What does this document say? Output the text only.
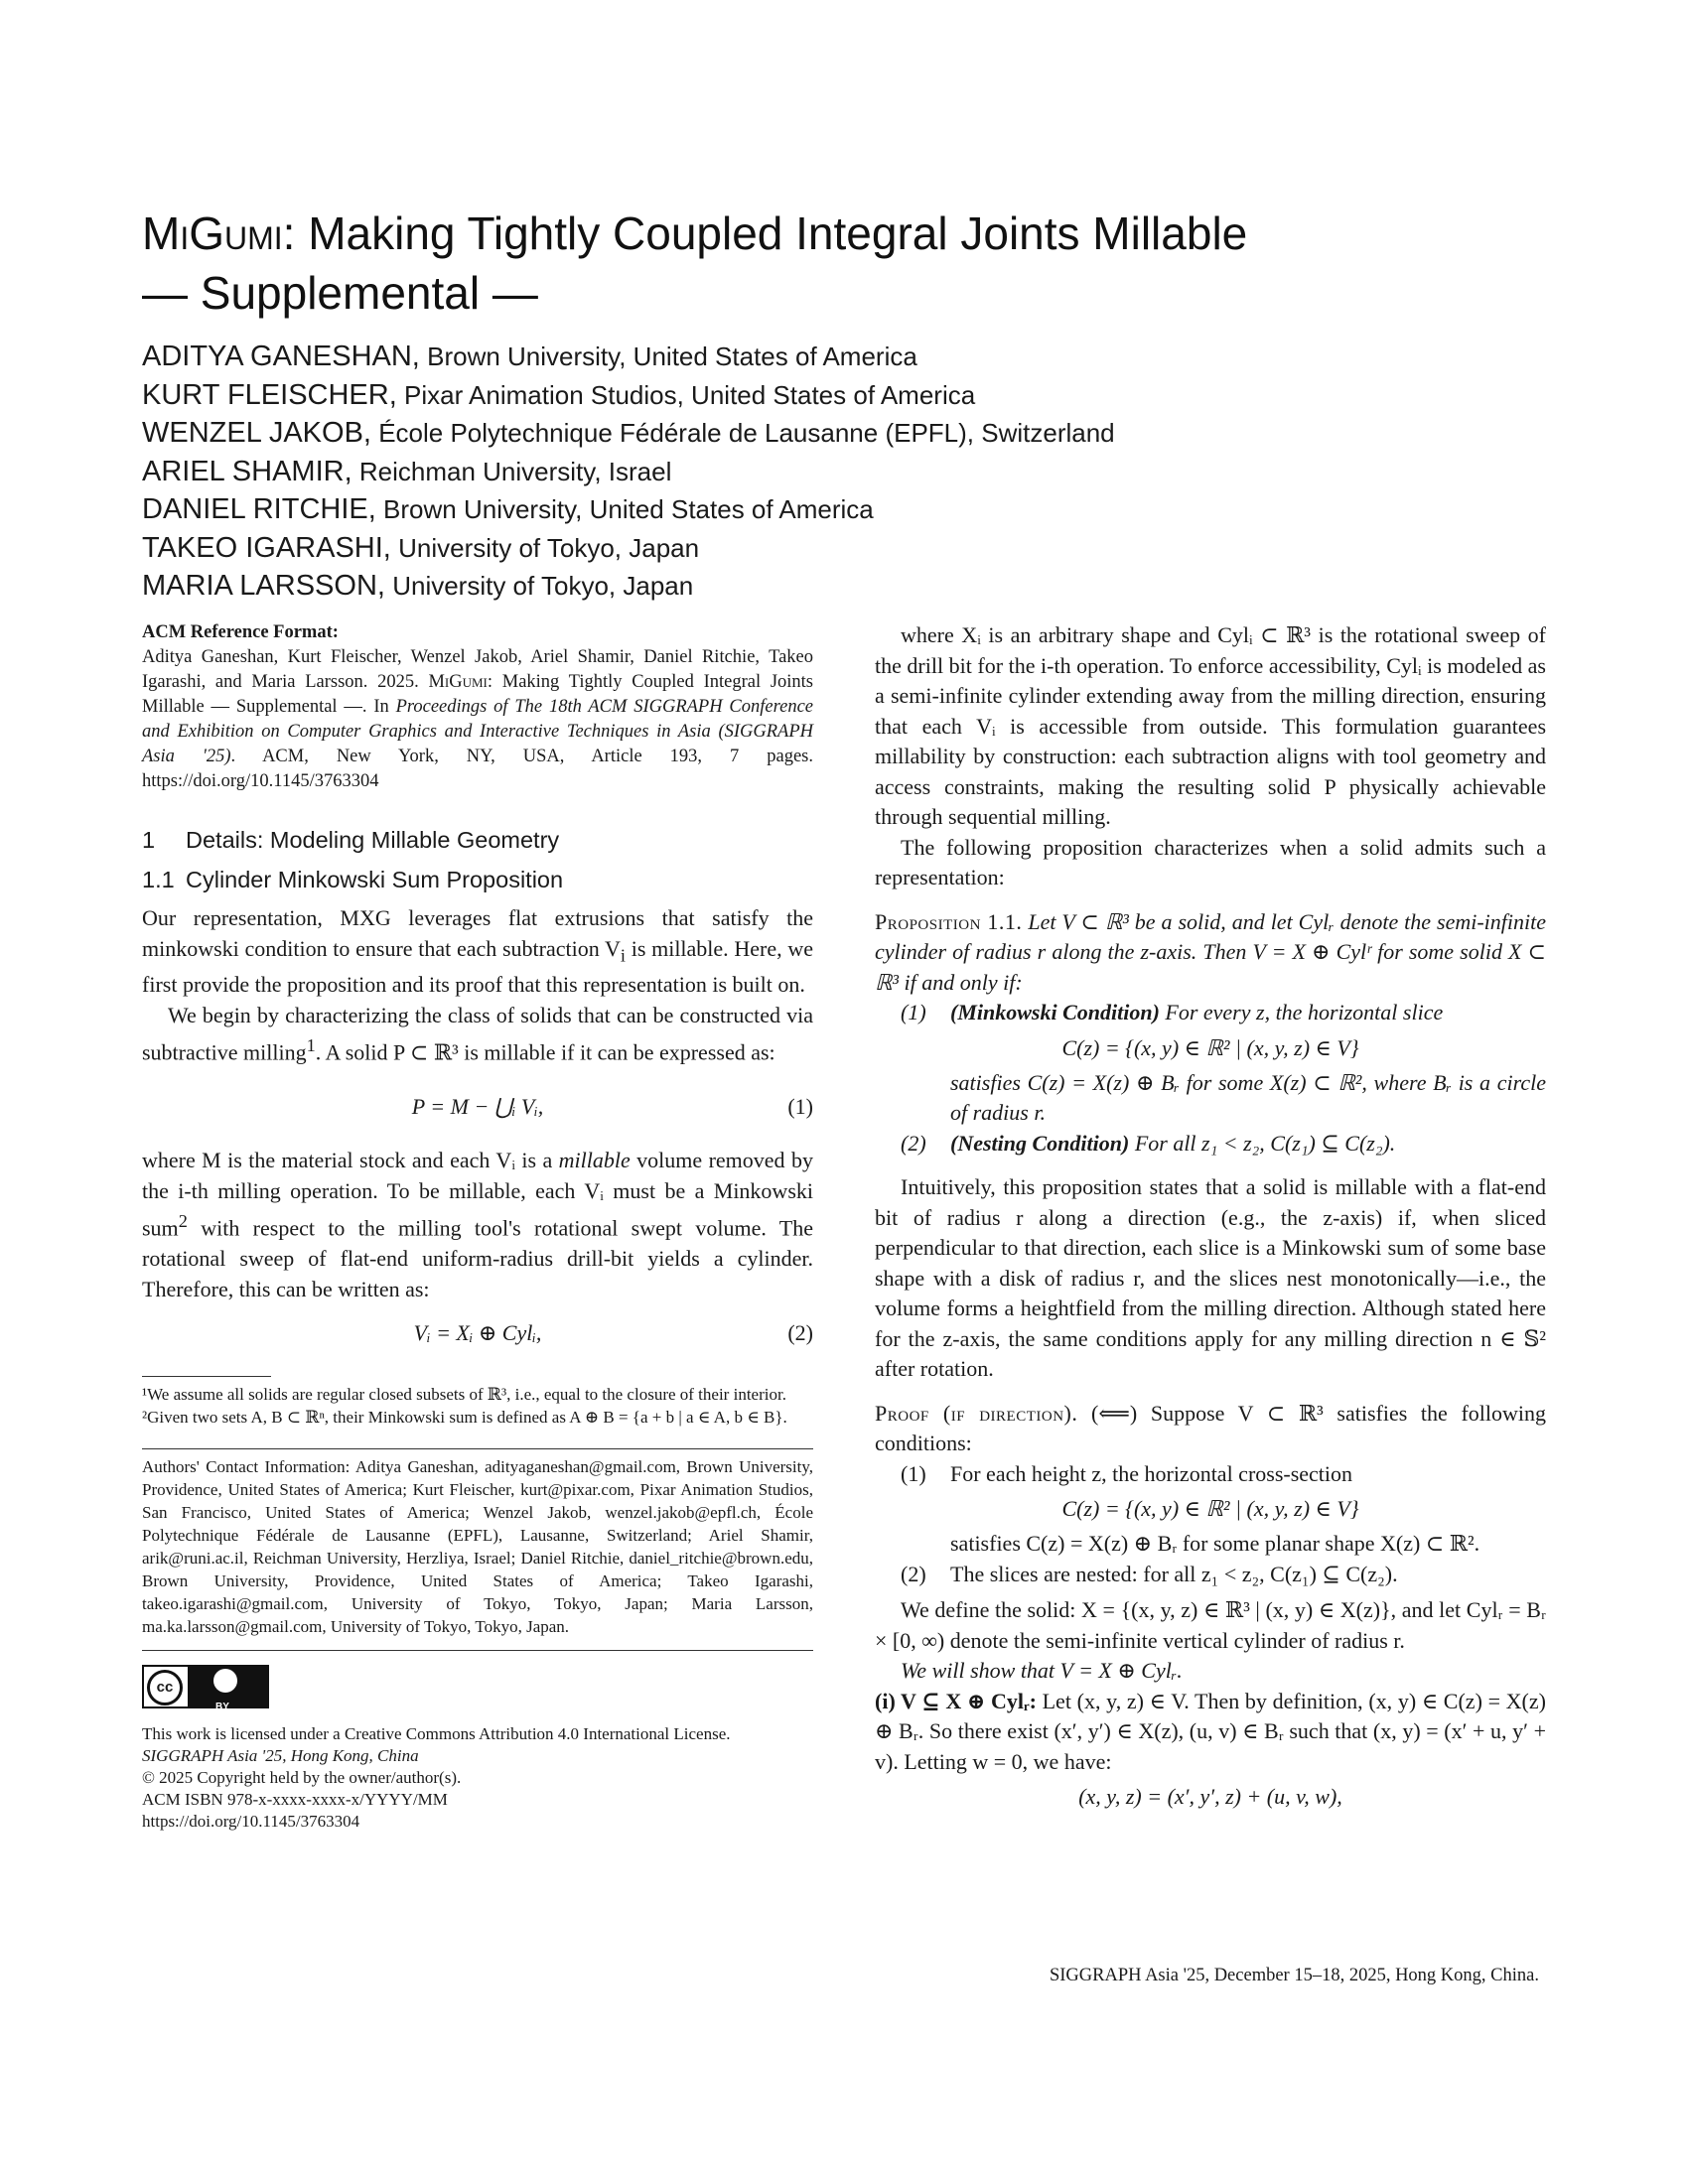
MiGumi: Making Tightly Coupled Integral Joints Millable
— Supplemental —
ADITYA GANESHAN, Brown University, United States of America
KURT FLEISCHER, Pixar Animation Studios, United States of America
WENZEL JAKOB, École Polytechnique Fédérale de Lausanne (EPFL), Switzerland
ARIEL SHAMIR, Reichman University, Israel
DANIEL RITCHIE, Brown University, United States of America
TAKEO IGARASHI, University of Tokyo, Japan
MARIA LARSSON, University of Tokyo, Japan

ACM Reference Format:

Aditya Ganeshan, Kurt Fleischer, Wenzel Jakob, Ariel Shamir, Daniel Ritchie, Takeo Igarashi, and Maria Larsson. 2025. MiGumi: Making Tightly Coupled Integral Joints Millable — Supplemental —. In Proceedings of The 18th ACM SIGGRAPH Conference and Exhibition on Computer Graphics and Interactive Techniques in Asia (SIGGRAPH Asia '25). ACM, New York, NY, USA, Article 193, 7 pages. https://doi.org/10.1145/3763304

1 Details: Modeling Millable Geometry
1.1 Cylinder Minkowski Sum Proposition

Our representation, MXG leverages flat extrusions that satisfy the minkowski condition to ensure that each subtraction $V_i$ is millable. Here, we first provide the proposition and its proof that this representation is built on.

We begin by characterizing the class of solids that can be constructed via subtractive milling$^1$. A solid P ⊂ ℝ³ is millable if it can be expressed as:

P = M − ⋃ᵢ Vᵢ,	(1)

where M is the material stock and each Vᵢ is a millable volume removed by the i-th milling operation. To be millable, each Vᵢ must be a Minkowski sum$^2$ with respect to the milling tool's rotational swept volume. The rotational sweep of flat-end uniform-radius drill-bit yields a cylinder. Therefore, this can be written as:

Vᵢ = Xᵢ ⊕ Cylᵢ,	(2)

¹We assume all solids are regular closed subsets of ℝ³, i.e., equal to the closure of their interior.

²Given two sets A, B ⊂ ℝⁿ, their Minkowski sum is defined as A ⊕ B = {a + b | a ∈ A, b ∈ B}.

Authors' Contact Information: Aditya Ganeshan, adityaganeshan@gmail.com, Brown University, Providence, United States of America; Kurt Fleischer, kurt@pixar.com, Pixar Animation Studios, San Francisco, United States of America; Wenzel Jakob, wenzel.jakob@epfl.ch, École Polytechnique Fédérale de Lausanne (EPFL), Lausanne, Switzerland; Ariel Shamir, arik@runi.ac.il, Reichman University, Herzliya, Israel; Daniel Ritchie, daniel_ritchie@brown.edu, Brown University, Providence, United States of America; Takeo Igarashi, takeo.igarashi@gmail.com, University of Tokyo, Tokyo, Japan; Maria Larsson, ma.ka.larsson@gmail.com, University of Tokyo, Tokyo, Japan.

cc
BY

This work is licensed under a Creative Commons Attribution 4.0 International License.

SIGGRAPH Asia '25, Hong Kong, China

© 2025 Copyright held by the owner/author(s).

ACM ISBN 978-x-xxxx-xxxx-x/YYYY/MM

https://doi.org/10.1145/3763304

where Xᵢ is an arbitrary shape and Cylᵢ ⊂ ℝ³ is the rotational sweep of the drill bit for the i-th operation. To enforce accessibility, Cylᵢ is modeled as a semi-infinite cylinder extending away from the milling direction, ensuring that each Vᵢ is accessible from outside. This formulation guarantees millability by construction: each subtraction aligns with tool geometry and access constraints, making the resulting solid P physically achievable through sequential milling.

The following proposition characterizes when a solid admits such a representation:

Proposition 1.1. Let V ⊂ ℝ³ be a solid, and let Cylᵣ denote the semi-infinite cylinder of radius r along the z-axis. Then V = X ⊕ Cylʳ for some solid X ⊂ ℝ³ if and only if:

(1)	(Minkowski Condition) For every z, the horizontal slice
C(z) = {(x, y) ∈ ℝ² | (x, y, z) ∈ V}

satisfies C(z) = X(z) ⊕ Bᵣ for some X(z) ⊂ ℝ², where Bᵣ is a circle of radius r.

(2)	(Nesting Condition) For all z₁ < z₂, C(z₁) ⊆ C(z₂).

Intuitively, this proposition states that a solid is millable with a flat-end bit of radius r along a direction (e.g., the z-axis) if, when sliced perpendicular to that direction, each slice is a Minkowski sum of some base shape with a disk of radius r, and the slices nest monotonically—i.e., the volume forms a heightfield from the milling direction. Although stated here for the z-axis, the same conditions apply for any milling direction n ∈ 𝕊² after rotation.

Proof (if direction). (⟸) Suppose V ⊂ ℝ³ satisfies the following conditions:

(1)	For each height z, the horizontal cross-section
C(z) = {(x, y) ∈ ℝ² | (x, y, z) ∈ V}

satisfies C(z) = X(z) ⊕ Bᵣ for some planar shape X(z) ⊂ ℝ².

(2)	The slices are nested: for all z₁ < z₂, C(z₁) ⊆ C(z₂).

We define the solid: X = {(x, y, z) ∈ ℝ³ | (x, y) ∈ X(z)}, and let Cylᵣ = Bᵣ × [0, ∞) denote the semi-infinite vertical cylinder of radius r.

We will show that V = X ⊕ Cylᵣ.

(i) V ⊆ X ⊕ Cylᵣ: Let (x, y, z) ∈ V. Then by definition, (x, y) ∈ C(z) = X(z) ⊕ Bᵣ. So there exist (x′, y′) ∈ X(z), (u, v) ∈ Bᵣ such that (x, y) = (x′ + u, y′ + v). Letting w = 0, we have:

(x, y, z) = (x′, y′, z) + (u, v, w),
SIGGRAPH Asia '25, December 15–18, 2025, Hong Kong, China.
